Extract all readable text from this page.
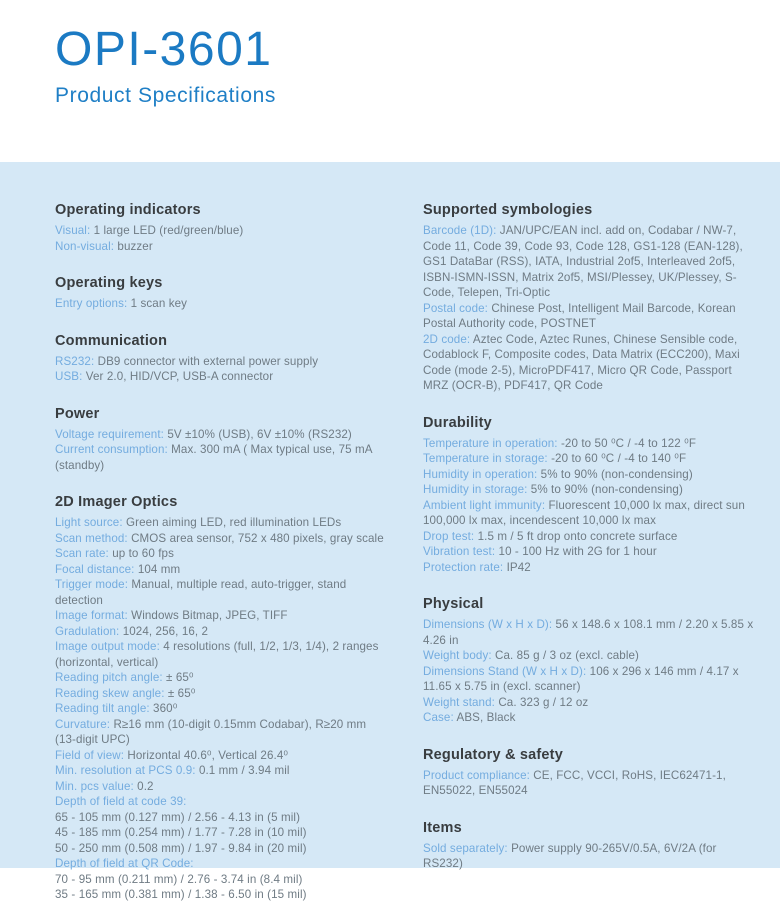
OPI-3601
Product Specifications
Operating indicators

Visual: 1 large LED (red/green/blue)

Non-visual: buzzer

Operating keys

Entry options: 1 scan key

Communication

RS232: DB9 connector with external power supply

USB: Ver 2.0, HID/VCP, USB-A connector

Power

Voltage requirement: 5V ±10% (USB), 6V ±10% (RS232)

Current consumption: Max. 300 mA ( Max typical use, 75 mA (standby)

2D Imager Optics

Light source: Green aiming LED, red illumination LEDs

Scan method: CMOS area sensor, 752 x 480 pixels, gray scale

Scan rate: up to 60 fps

Focal distance: 104 mm

Trigger mode: Manual, multiple read, auto-trigger, stand detection

Image format: Windows Bitmap, JPEG, TIFF

Gradulation: 1024, 256, 16, 2

Image output mode: 4 resolutions (full, 1/2, 1/3, 1/4), 2 ranges (horizontal, vertical)

Reading pitch angle: ± 65⁰

Reading skew angle: ± 65⁰

Reading tilt angle: 360⁰

Curvature: R≥16 mm (10-digit 0.15mm Codabar), R≥20 mm (13-digit UPC)

Field of view: Horizontal 40.6⁰, Vertical 26.4⁰

Min. resolution at PCS 0.9: 0.1 mm / 3.94 mil

Min. pcs value: 0.2

Depth of field at code 39:

65 - 105 mm (0.127 mm) / 2.56 - 4.13 in (5 mil)

45 - 185 mm (0.254 mm) / 1.77 - 7.28 in (10 mil)

50 - 250 mm (0.508 mm) / 1.97 - 9.84 in (20 mil)

Depth of field at QR Code:

70 - 95 mm (0.211 mm) / 2.76 - 3.74 in (8.4 mil)

35 - 165 mm (0.381 mm) / 1.38 - 6.50 in (15 mil)

Supported symbologies

Barcode (1D): JAN/UPC/EAN incl. add on, Codabar / NW-7, Code 11, Code 39, Code 93, Code 128, GS1-128 (EAN-128), GS1 DataBar (RSS), IATA, Industrial 2of5, Interleaved 2of5, ISBN-ISMN-ISSN, Matrix 2of5, MSI/Plessey, UK/Plessey, S-Code, Telepen, Tri-Optic

Postal code: Chinese Post, Intelligent Mail Barcode, Korean Postal Authority code, POSTNET

2D code: Aztec Code, Aztec Runes, Chinese Sensible code, Codablock F, Composite codes, Data Matrix (ECC200), Maxi Code (mode 2-5), MicroPDF417, Micro QR Code, Passport MRZ (OCR-B), PDF417, QR Code

Durability

Temperature in operation: -20 to 50 ⁰C / -4 to 122 ⁰F

Temperature in storage: -20 to 60 ⁰C / -4 to 140 ⁰F

Humidity in operation: 5% to 90% (non-condensing)

Humidity in storage: 5% to 90% (non-condensing)

Ambient light immunity: Fluorescent 10,000 lx max, direct sun 100,000 lx max, incendescent 10,000 lx max

Drop test: 1.5 m / 5 ft drop onto concrete surface

Vibration test: 10 - 100 Hz with 2G for 1 hour

Protection rate: IP42

Physical

Dimensions (W x H x D): 56 x 148.6 x 108.1 mm / 2.20 x 5.85 x 4.26 in

Weight body: Ca. 85 g / 3 oz (excl. cable)

Dimensions Stand (W x H x D): 106 x 296 x 146 mm / 4.17 x 11.65 x 5.75 in (excl. scanner)

Weight stand: Ca. 323 g / 12 oz

Case: ABS, Black

Regulatory & safety

Product compliance: CE, FCC, VCCI, RoHS, IEC62471-1, EN55022, EN55024

Items

Sold separately: Power supply 90-265V/0.5A, 6V/2A (for RS232)
